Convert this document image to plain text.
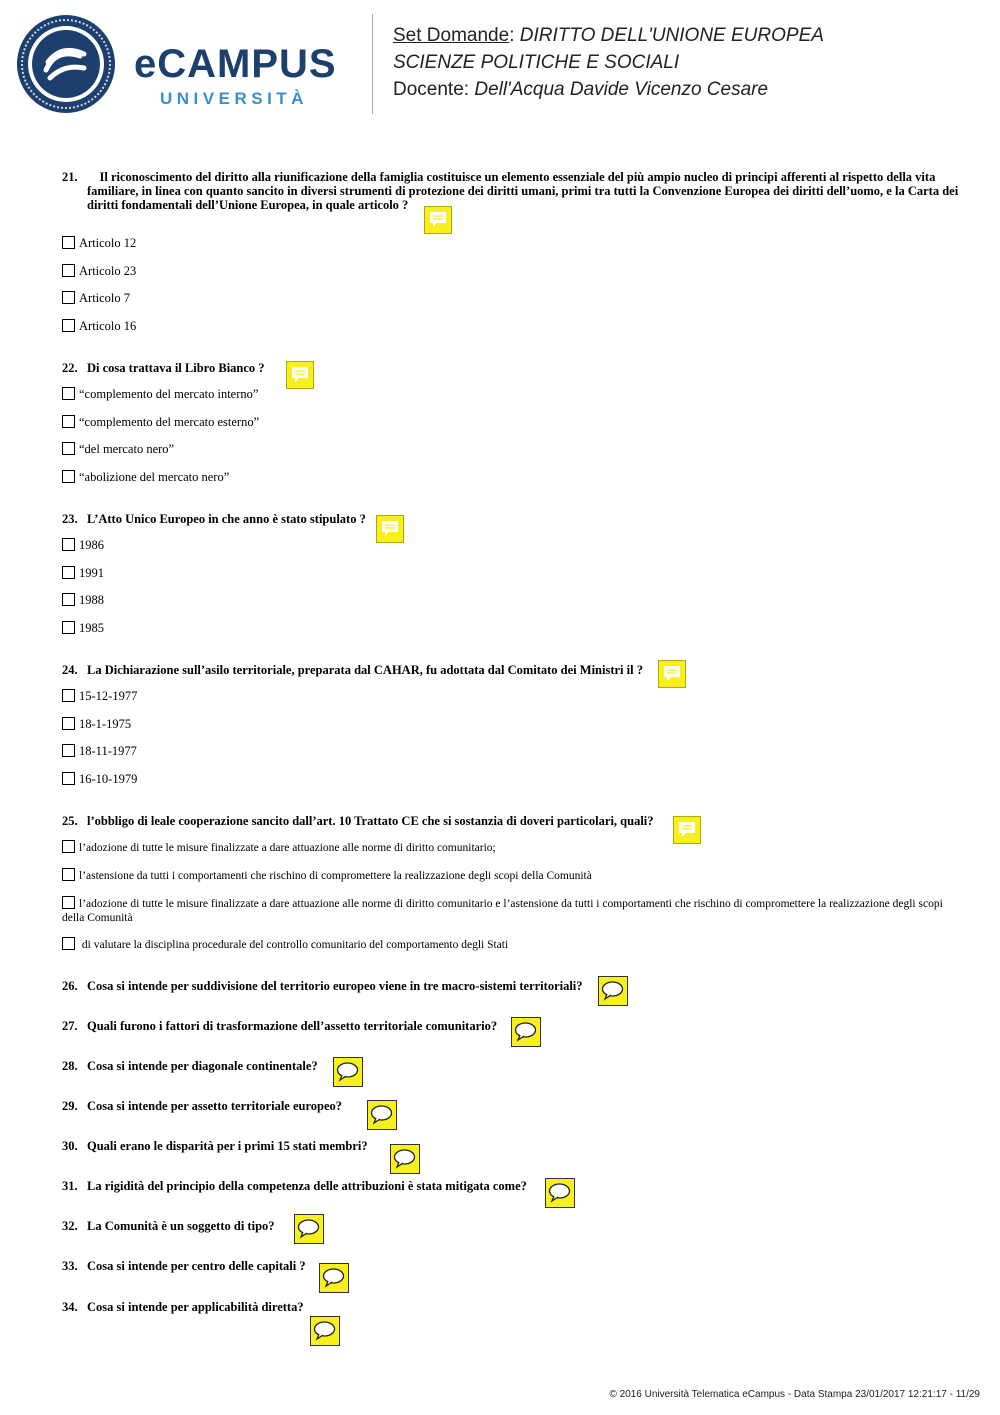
eCAMPUS
UNIVERSITÀ
Set Domande: DIRITTO DELL'UNIONE EUROPEA
SCIENZE POLITICHE E SOCIALI
Docente: Dell'Acqua Davide Vicenzo Cesare
21. Il riconoscimento del diritto alla riunificazione della famiglia costituisce un elemento essenziale del più ampio nucleo di principi afferenti al rispetto della vita familiare, in linea con quanto sancito in diversi strumenti di protezione dei diritti umani, primi tra tutti la Convenzione Europea dei diritti dell’uomo, e la Carta dei diritti fondamentali dell’Unione Europea, in quale articolo ?
Articolo 12
Articolo 23
Articolo 7
Articolo 16
22. Di cosa trattava il Libro Bianco ?
“complemento del mercato interno”
“complemento del mercato esterno”
“del mercato nero”
“abolizione del mercato nero”
23. L’Atto Unico Europeo in che anno è stato stipulato ?
1986
1991
1988
1985
24. La Dichiarazione sull’asilo territoriale, preparata dal CAHAR, fu adottata dal Comitato dei Ministri il ?
15-12-1977
18-1-1975
18-11-1977
16-10-1979
25. l’obbligo di leale cooperazione sancito dall’art. 10 Trattato CE che si sostanzia di doveri particolari, quali?
l’adozione di tutte le misure finalizzate a dare attuazione alle norme di diritto comunitario;
l’astensione da tutti i comportamenti che rischino di compromettere la realizzazione degli scopi della Comunità
l’adozione di tutte le misure finalizzate a dare attuazione alle norme di diritto comunitario e l’astensione da tutti i comportamenti che rischino di compromettere la realizzazione degli scopi della Comunità
di valutare la disciplina procedurale del controllo comunitario del comportamento degli Stati
26. Cosa si intende per suddivisione del territorio europeo viene in tre macro-sistemi territoriali?
27. Quali furono i fattori di trasformazione dell’assetto territoriale comunitario?
28. Cosa si intende per diagonale continentale?
29. Cosa si intende per assetto territoriale europeo?
30. Quali erano le disparità per i primi 15 stati membri?
31. La rigidità del principio della competenza delle attribuzioni è stata mitigata come?
32. La Comunità è un soggetto di tipo?
33. Cosa si intende per centro delle capitali ?
34. Cosa si intende per applicabilità diretta?
© 2016 Università Telematica eCampus - Data Stampa 23/01/2017 12:21:17 - 11/29
